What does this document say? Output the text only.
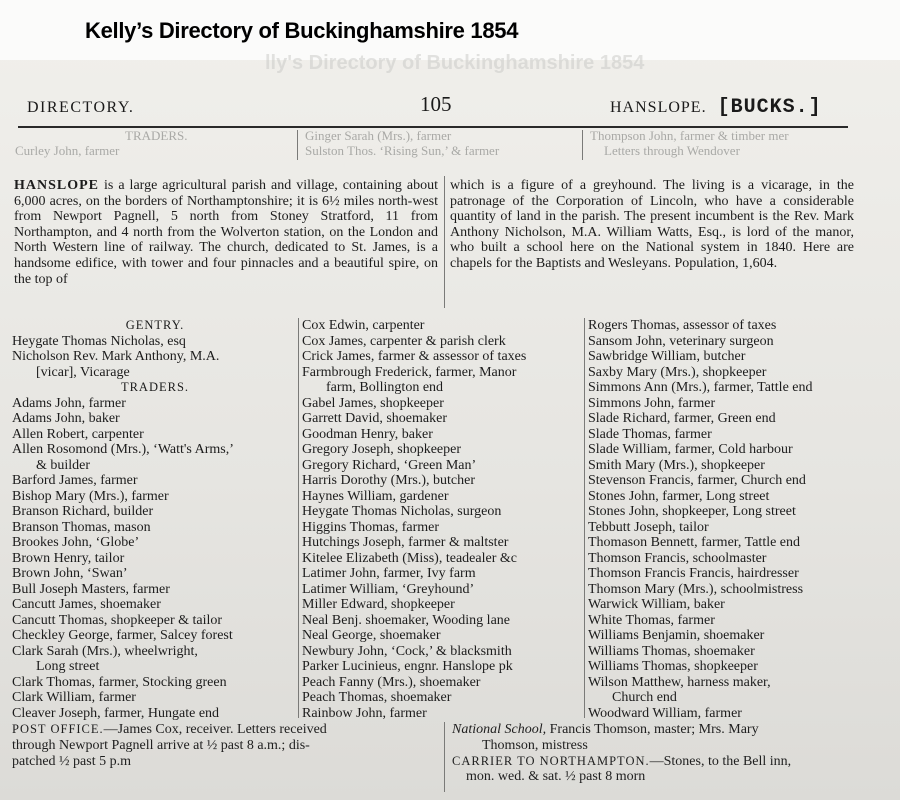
Kelly’s Directory of Buckinghamshire 1854
lly's Directory of Buckinghamshire 1854
DIRECTORY.	105	HANSLOPE. [BUCKS.]
TRADERS.
Curley John, farmer
Ginger Sarah (Mrs.), farmer
Sulston Thos. ‘Rising Sun,’ & farmer
Thompson John, farmer & timber mer
Letters through Wendover
HANSLOPE is a large agricultural parish and village, containing about 6,000 acres, on the borders of Northamptonshire; it is 6½ miles north-west from Newport Pagnell, 5 north from Stoney Stratford, 11 from Northampton, and 4 north from the Wolverton station, on the London and North Western line of railway. The church, dedicated to St. James, is a handsome edifice, with tower and four pinnacles and a beautiful spire, on the top of
which is a figure of a greyhound. The living is a vicarage, in the patronage of the Corporation of Lincoln, who have a considerable quantity of land in the parish. The present incumbent is the Rev. Mark Anthony Nicholson, M.A. William Watts, Esq., is lord of the manor, who built a school here on the National system in 1840. Here are chapels for the Baptists and Wesleyans. Population, 1,604.
GENTRY.
Heygate Thomas Nicholas, esq
Nicholson Rev. Mark Anthony, M.A.
[vicar], Vicarage
TRADERS.
Adams John, farmer
Adams John, baker
Allen Robert, carpenter
Allen Rosomond (Mrs.), ‘Watt's Arms,’
& builder
Barford James, farmer
Bishop Mary (Mrs.), farmer
Branson Richard, builder
Branson Thomas, mason
Brookes John, ‘Globe’
Brown Henry, tailor
Brown John, ‘Swan’
Bull Joseph Masters, farmer
Cancutt James, shoemaker
Cancutt Thomas, shopkeeper & tailor
Checkley George, farmer, Salcey forest
Clark Sarah (Mrs.), wheelwright,
Long street
Clark Thomas, farmer, Stocking green
Clark William, farmer
Cleaver Joseph, farmer, Hungate end
Cox Edwin, carpenter
Cox James, carpenter & parish clerk
Crick James, farmer & assessor of taxes
Farmbrough Frederick, farmer, Manor
farm, Bollington end
Gabel James, shopkeeper
Garrett David, shoemaker
Goodman Henry, baker
Gregory Joseph, shopkeeper
Gregory Richard, ‘Green Man’
Harris Dorothy (Mrs.), butcher
Haynes William, gardener
Heygate Thomas Nicholas, surgeon
Higgins Thomas, farmer
Hutchings Joseph, farmer & maltster
Kitelee Elizabeth (Miss), teadealer &c
Latimer John, farmer, Ivy farm
Latimer William, ‘Greyhound’
Miller Edward, shopkeeper
Neal Benj. shoemaker, Wooding lane
Neal George, shoemaker
Newbury John, ‘Cock,’ & blacksmith
Parker Lucinieus, engnr. Hanslope pk
Peach Fanny (Mrs.), shoemaker
Peach Thomas, shoemaker
Rainbow John, farmer
Rogers Thomas, assessor of taxes
Sansom John, veterinary surgeon
Sawbridge William, butcher
Saxby Mary (Mrs.), shopkeeper
Simmons Ann (Mrs.), farmer, Tattle end
Simmons John, farmer
Slade Richard, farmer, Green end
Slade Thomas, farmer
Slade William, farmer, Cold harbour
Smith Mary (Mrs.), shopkeeper
Stevenson Francis, farmer, Church end
Stones John, farmer, Long street
Stones John, shopkeeper, Long street
Tebbutt Joseph, tailor
Thomason Bennett, farmer, Tattle end
Thomson Francis, schoolmaster
Thomson Francis Francis, hairdresser
Thomson Mary (Mrs.), schoolmistress
Warwick William, baker
White Thomas, farmer
Williams Benjamin, shoemaker
Williams Thomas, shoemaker
Williams Thomas, shopkeeper
Wilson Matthew, harness maker,
Church end
Woodward William, farmer
POST OFFICE.—James Cox, receiver. Letters received
through Newport Pagnell arrive at ½ past 8 a.m.; dis-
patched ½ past 5 p.m
National School, Francis Thomson, master; Mrs. Mary
Thomson, mistress
CARRIER TO NORTHAMPTON.—Stones, to the Bell inn,
mon. wed. & sat. ½ past 8 morn
